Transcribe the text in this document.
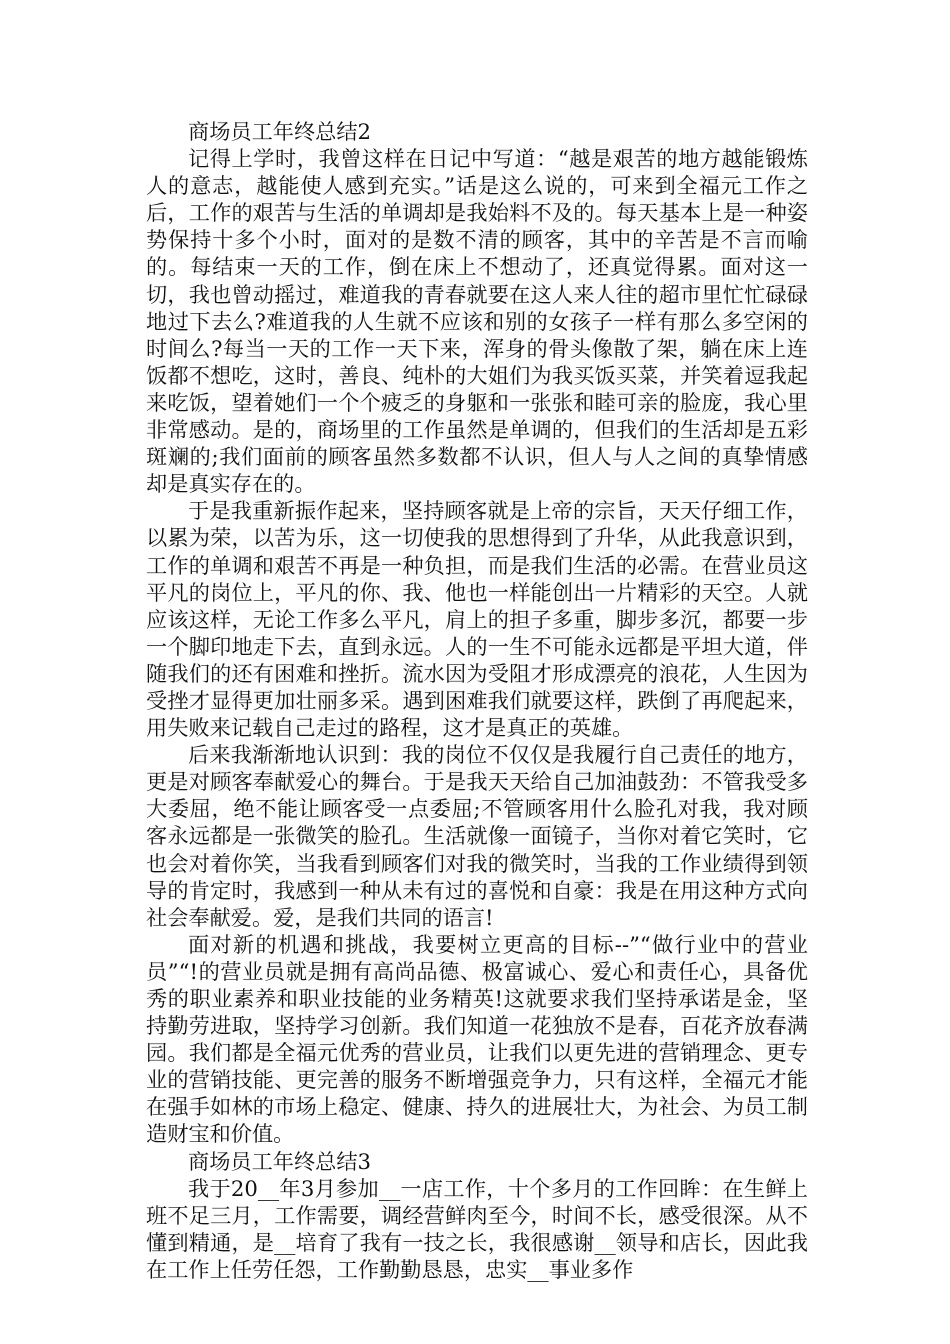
商场员工年终总结2

记得上学时，我曾这样在日记中写道：“越是艰苦的地方越能锻炼人的意志，越能使人感到充实。”话是这么说的，可来到全福元工作之后，工作的艰苦与生活的单调却是我始料不及的。每天基本上是一种姿势保持十多个小时，面对的是数不清的顾客，其中的辛苦是不言而喻的。每结束一天的工作，倒在床上不想动了，还真觉得累。面对这一切，我也曾动摇过，难道我的青春就要在这人来人往的超市里忙忙碌碌地过下去么?难道我的人生就不应该和别的女孩子一样有那么多空闲的时间么?每当一天的工作一天下来，浑身的骨头像散了架，躺在床上连饭都不想吃，这时，善良、纯朴的大姐们为我买饭买菜，并笑着逗我起来吃饭，望着她们一个个疲乏的身躯和一张张和睦可亲的脸庞，我心里非常感动。是的，商场里的工作虽然是单调的，但我们的生活却是五彩斑斓的;我们面前的顾客虽然多数都不认识，但人与人之间的真挚情感却是真实存在的。

于是我重新振作起来，坚持顾客就是上帝的宗旨，天天仔细工作，以累为荣，以苦为乐，这一切使我的思想得到了升华，从此我意识到，工作的单调和艰苦不再是一种负担，而是我们生活的必需。在营业员这平凡的岗位上，平凡的你、我、他也一样能创出一片精彩的天空。人就应该这样，无论工作多么平凡，肩上的担子多重，脚步多沉，都要一步一个脚印地走下去，直到永远。人的一生不可能永远都是平坦大道，伴随我们的还有困难和挫折。流水因为受阻才形成漂亮的浪花，人生因为受挫才显得更加壮丽多采。遇到困难我们就要这样，跌倒了再爬起来，用失败来记载自己走过的路程，这才是真正的英雄。

后来我渐渐地认识到：我的岗位不仅仅是我履行自己责任的地方，更是对顾客奉献爱心的舞台。于是我天天给自己加油鼓劲：不管我受多大委屈，绝不能让顾客受一点委屈;不管顾客用什么脸孔对我，我对顾客永远都是一张微笑的脸孔。生活就像一面镜子，当你对着它笑时，它也会对着你笑，当我看到顾客们对我的微笑时，当我的工作业绩得到领导的肯定时，我感到一种从未有过的喜悦和自豪：我是在用这种方式向社会奉献爱。爱，是我们共同的语言!

面对新的机遇和挑战，我要树立更高的目标--”“做行业中的营业员”“!的营业员就是拥有高尚品德、极富诚心、爱心和责任心，具备优秀的职业素养和职业技能的业务精英!这就要求我们坚持承诺是金，坚持勤劳进取，坚持学习创新。我们知道一花独放不是春，百花齐放春满园。我们都是全福元优秀的营业员，让我们以更先进的营销理念、更专业的营销技能、更完善的服务不断增强竞争力，只有这样，全福元才能在强手如林的市场上稳定、健康、持久的进展壮大，为社会、为员工制造财宝和价值。

商场员工年终总结3

我于20__年3月参加__一店工作，十个多月的工作回眸：在生鲜上班不足三月，工作需要，调经营鲜肉至今，时间不长，感受很深。从不懂到精通，是__培育了我有一技之长，我很感谢__领导和店长，因此我在工作上任劳任怨，工作勤勤恳恳，忠实__事业多作
